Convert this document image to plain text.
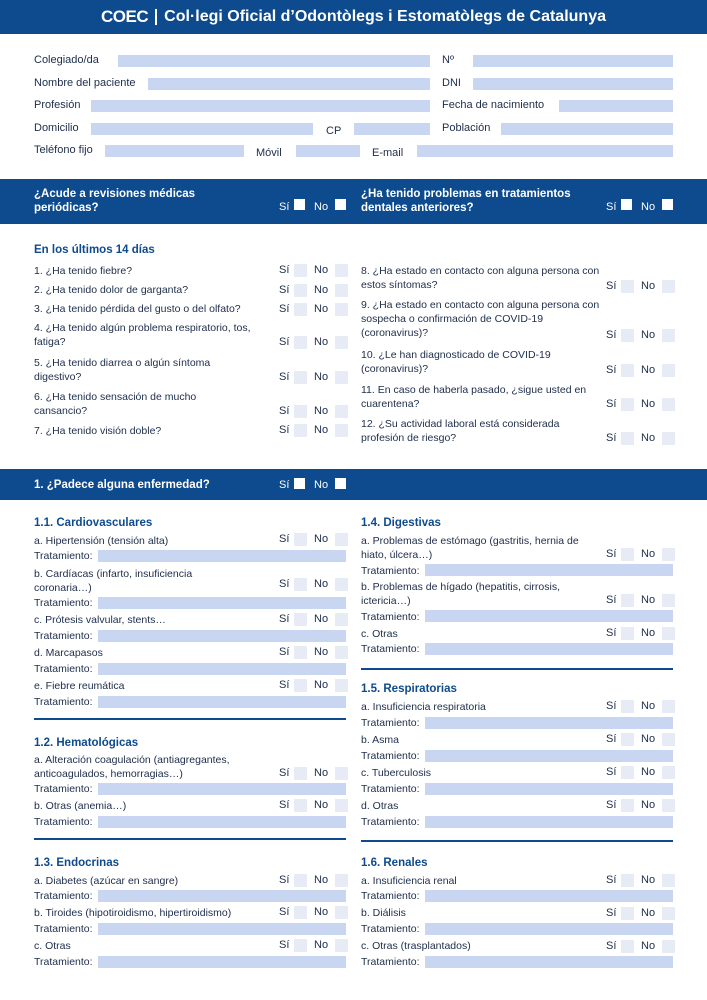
COEC Col·legi Oficial d’Odontòlegs i Estomatòlegs de Catalunya
Colegiado/da	Nº
Nombre del paciente	DNI
Profesión	Fecha de nacimiento
Domicilio	CP	Población
Teléfono fijo	Móvil	E-mail
¿Acude a revisiones médicas periódicas?	Sí No
¿Ha tenido problemas en tratamientos dentales anteriores?	Sí No
En los últimos 14 días
1. ¿Ha tenido fiebre?	Sí No
2. ¿Ha tenido dolor de garganta?	Sí No
3. ¿Ha tenido pérdida del gusto o del olfato?	Sí No
4. ¿Ha tenido algún problema respiratorio, tos, fatiga?	Sí No
5. ¿Ha tenido diarrea o algún síntoma digestivo?	Sí No
6. ¿Ha tenido sensación de mucho cansancio?	Sí No
7. ¿Ha tenido visión doble?	Sí No
8. ¿Ha estado en contacto con alguna persona con estos síntomas?	Sí No
9. ¿Ha estado en contacto con alguna persona con sospecha o confirmación de COVID-19 (coronavirus)?	Sí No
10. ¿Le han diagnosticado de COVID-19 (coronavirus)?	Sí No
11. En caso de haberla pasado, ¿sigue usted en cuarentena?	Sí No
12. ¿Su actividad laboral está considerada profesión de riesgo?	Sí No
1. ¿Padece alguna enfermedad?	Sí No
1.1. Cardiovasculares
a. Hipertensión (tensión alta)	Sí No
Tratamiento:
b. Cardíacas (infarto, insuficiencia coronaria…)	Sí No
Tratamiento:
c. Prótesis valvular, stents…	Sí No
Tratamiento:
d. Marcapasos	Sí No
Tratamiento:
e. Fiebre reumática	Sí No
Tratamiento:
1.2. Hematológicas
a. Alteración coagulación (antiagregantes, anticoagulados, hemorragias…)	Sí No
Tratamiento:
b. Otras (anemia…)	Sí No
Tratamiento:
1.3. Endocrinas
a. Diabetes (azúcar en sangre)	Sí No
Tratamiento:
b. Tiroides (hipotiroidismo, hipertiroidismo)	Sí No
Tratamiento:
c. Otras	Sí No
Tratamiento:
1.4. Digestivas
a. Problemas de estómago (gastritis, hernia de hiato, úlcera…)	Sí No
Tratamiento:
b. Problemas de hígado (hepatitis, cirrosis, ictericia…)	Sí No
Tratamiento:
c. Otras	Sí No
Tratamiento:
1.5. Respiratorias
a. Insuficiencia respiratoria	Sí No
Tratamiento:
b. Asma	Sí No
Tratamiento:
c. Tuberculosis	Sí No
Tratamiento:
d. Otras	Sí No
Tratamiento:
1.6. Renales
a. Insuficiencia renal	Sí No
Tratamiento:
b. Diálisis	Sí No
Tratamiento:
c. Otras (trasplantados)	Sí No
Tratamiento:
